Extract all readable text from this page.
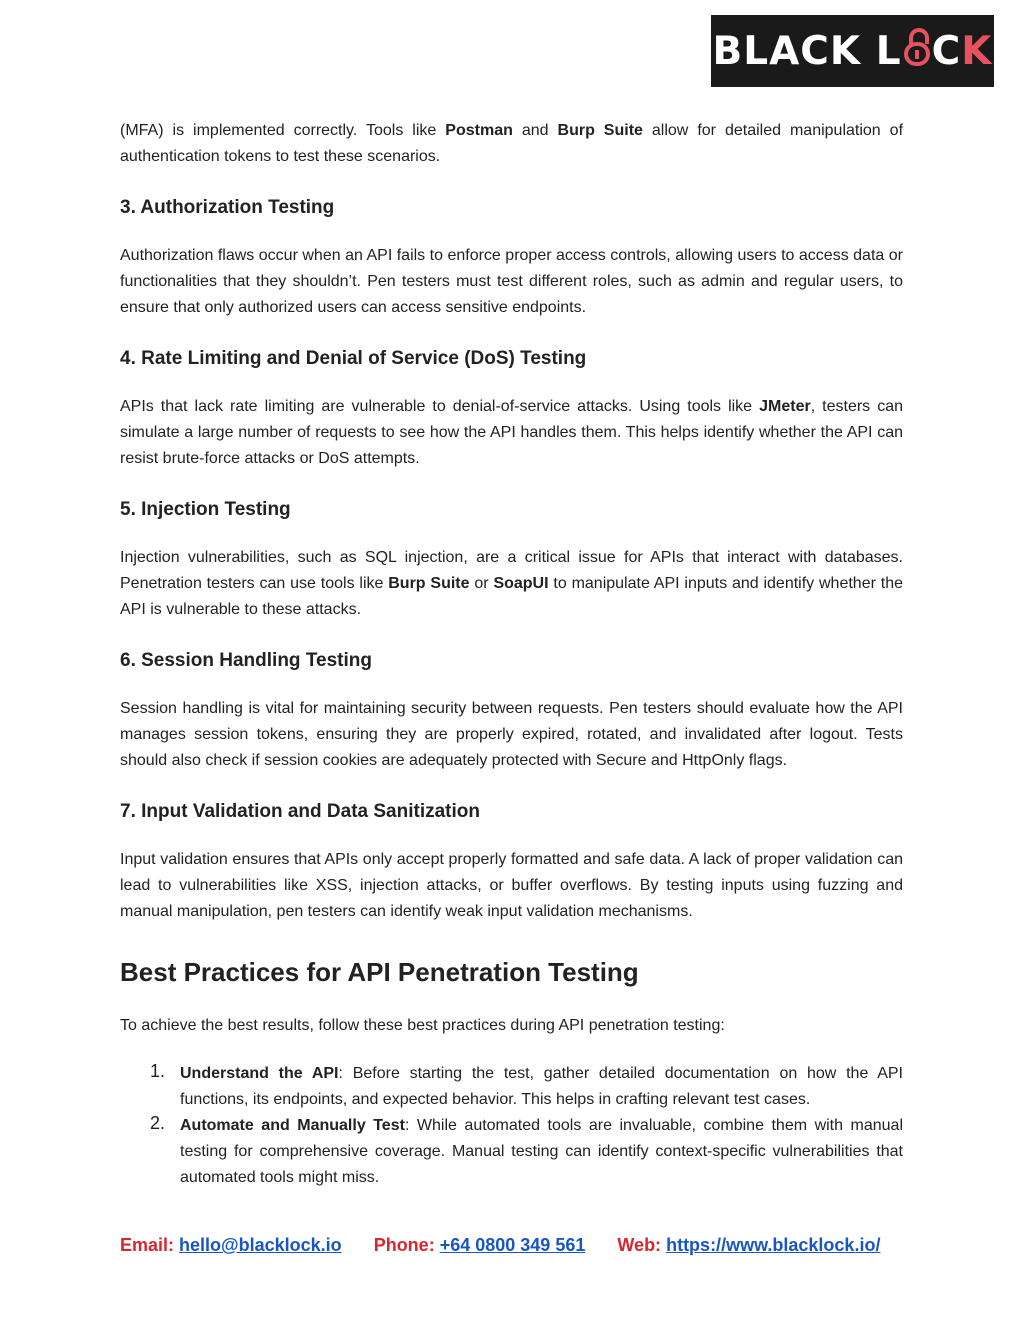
BLACK L C K

(MFA) is implemented correctly. Tools like Postman and Burp Suite allow for detailed manipulation of authentication tokens to test these scenarios.

3. Authorization Testing

Authorization flaws occur when an API fails to enforce proper access controls, allowing users to access data or functionalities that they shouldn’t. Pen testers must test different roles, such as admin and regular users, to ensure that only authorized users can access sensitive endpoints.

4. Rate Limiting and Denial of Service (DoS) Testing

APIs that lack rate limiting are vulnerable to denial-of-service attacks. Using tools like JMeter, testers can simulate a large number of requests to see how the API handles them. This helps identify whether the API can resist brute-force attacks or DoS attempts.

5. Injection Testing

Injection vulnerabilities, such as SQL injection, are a critical issue for APIs that interact with databases. Penetration testers can use tools like Burp Suite or SoapUI to manipulate API inputs and identify whether the API is vulnerable to these attacks.

6. Session Handling Testing

Session handling is vital for maintaining security between requests. Pen testers should evaluate how the API manages session tokens, ensuring they are properly expired, rotated, and invalidated after logout. Tests should also check if session cookies are adequately protected with Secure and HttpOnly flags.

7. Input Validation and Data Sanitization

Input validation ensures that APIs only accept properly formatted and safe data. A lack of proper validation can lead to vulnerabilities like XSS, injection attacks, or buffer overflows. By testing inputs using fuzzing and manual manipulation, pen testers can identify weak input validation mechanisms.

Best Practices for API Penetration Testing

To achieve the best results, follow these best practices during API penetration testing:

1. Understand the API: Before starting the test, gather detailed documentation on how the API functions, its endpoints, and expected behavior. This helps in crafting relevant test cases.
2. Automate and Manually Test: While automated tools are invaluable, combine them with manual testing for comprehensive coverage. Manual testing can identify context-specific vulnerabilities that automated tools might miss.
Email: hello@blacklock.io Phone: +64 0800 349 561 Web: https://www.blacklock.io/
